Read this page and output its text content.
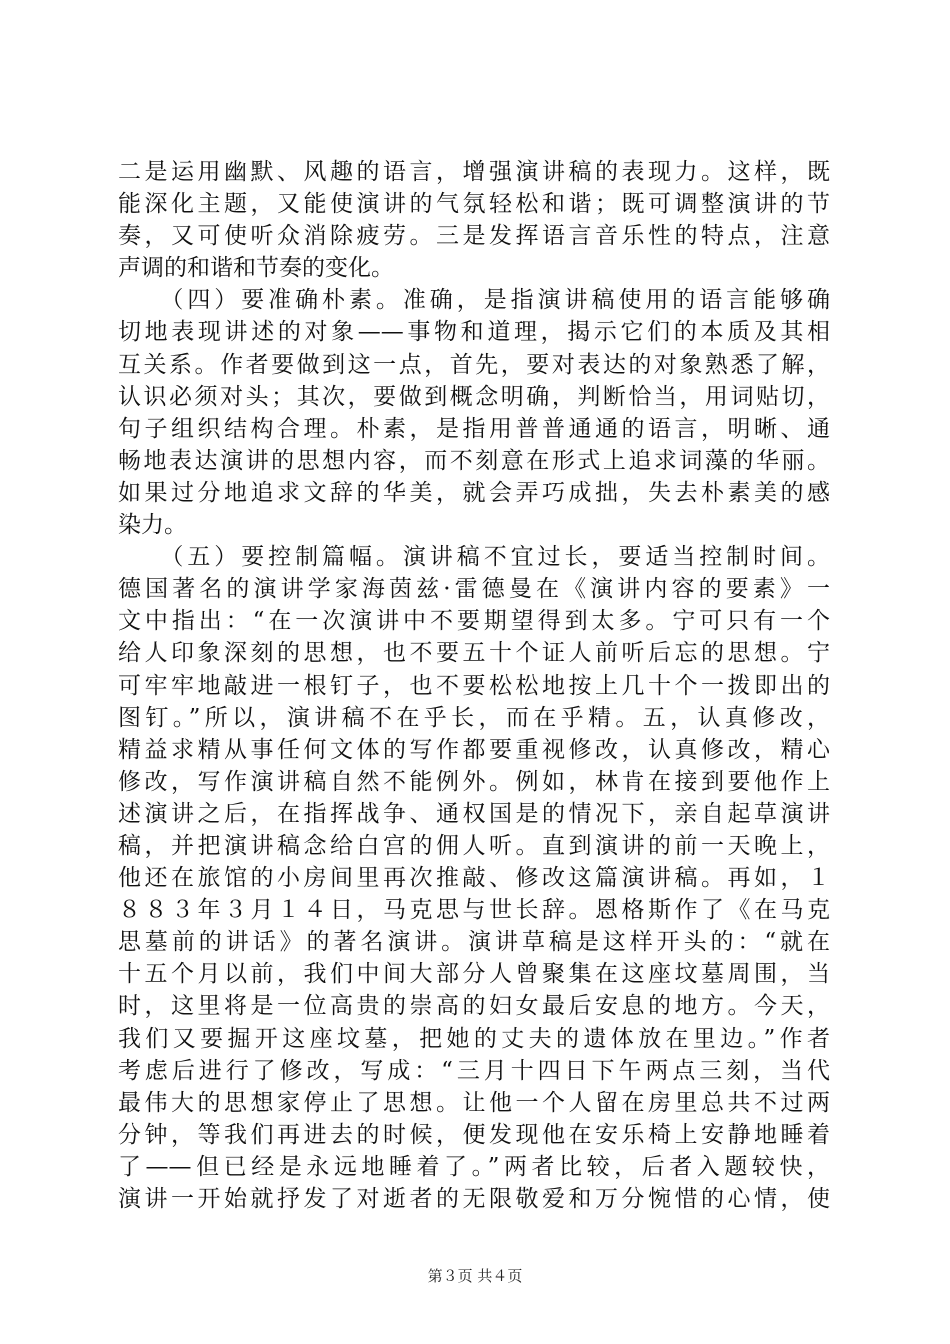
二是运用幽默、风趣的语言，增强演讲稿的表现力。这样，既
能深化主题，又能使演讲的气氛轻松和谐；既可调整演讲的节
奏，又可使听众消除疲劳。三是发挥语言音乐性的特点，注意
声调的和谐和节奏的变化。
　　（四）要准确朴素。准确，是指演讲稿使用的语言能够确
切地表现讲述的对象——事物和道理，揭示它们的本质及其相
互关系。作者要做到这一点，首先，要对表达的对象熟悉了解，
认识必须对头；其次，要做到概念明确，判断恰当，用词贴切，
句子组织结构合理。朴素，是指用普普通通的语言，明晰、通
畅地表达演讲的思想内容，而不刻意在形式上追求词藻的华丽。
如果过分地追求文辞的华美，就会弄巧成拙，失去朴素美的感
染力。
　　（五）要控制篇幅。演讲稿不宜过长，要适当控制时间。
德国著名的演讲学家海茵兹·雷德曼在《演讲内容的要素》一
文中指出：“在一次演讲中不要期望得到太多。宁可只有一个
给人印象深刻的思想，也不要五十个证人前听后忘的思想。宁
可牢牢地敲进一根钉子，也不要松松地按上几十个一拨即出的
图钉。”所以，演讲稿不在乎长，而在乎精。五，认真修改，
精益求精从事任何文体的写作都要重视修改，认真修改，精心
修改，写作演讲稿自然不能例外。例如，林肯在接到要他作上
述演讲之后，在指挥战争、通权国是的情况下，亲自起草演讲
稿，并把演讲稿念给白宫的佣人听。直到演讲的前一天晚上，
他还在旅馆的小房间里再次推敲、修改这篇演讲稿。再如，１
８８３年３月１４日，马克思与世长辞。恩格斯作了《在马克
思墓前的讲话》的著名演讲。演讲草稿是这样开头的：“就在
十五个月以前，我们中间大部分人曾聚集在这座坟墓周围，当
时，这里将是一位高贵的崇高的妇女最后安息的地方。今天，
我们又要掘开这座坟墓，把她的丈夫的遗体放在里边。”作者
考虑后进行了修改，写成：“三月十四日下午两点三刻，当代
最伟大的思想家停止了思想。让他一个人留在房里总共不过两
分钟，等我们再进去的时候，便发现他在安乐椅上安静地睡着
了——但已经是永远地睡着了。”两者比较，后者入题较快，
演讲一开始就抒发了对逝者的无限敬爱和万分惋惜的心情，使
第３页 共４页
